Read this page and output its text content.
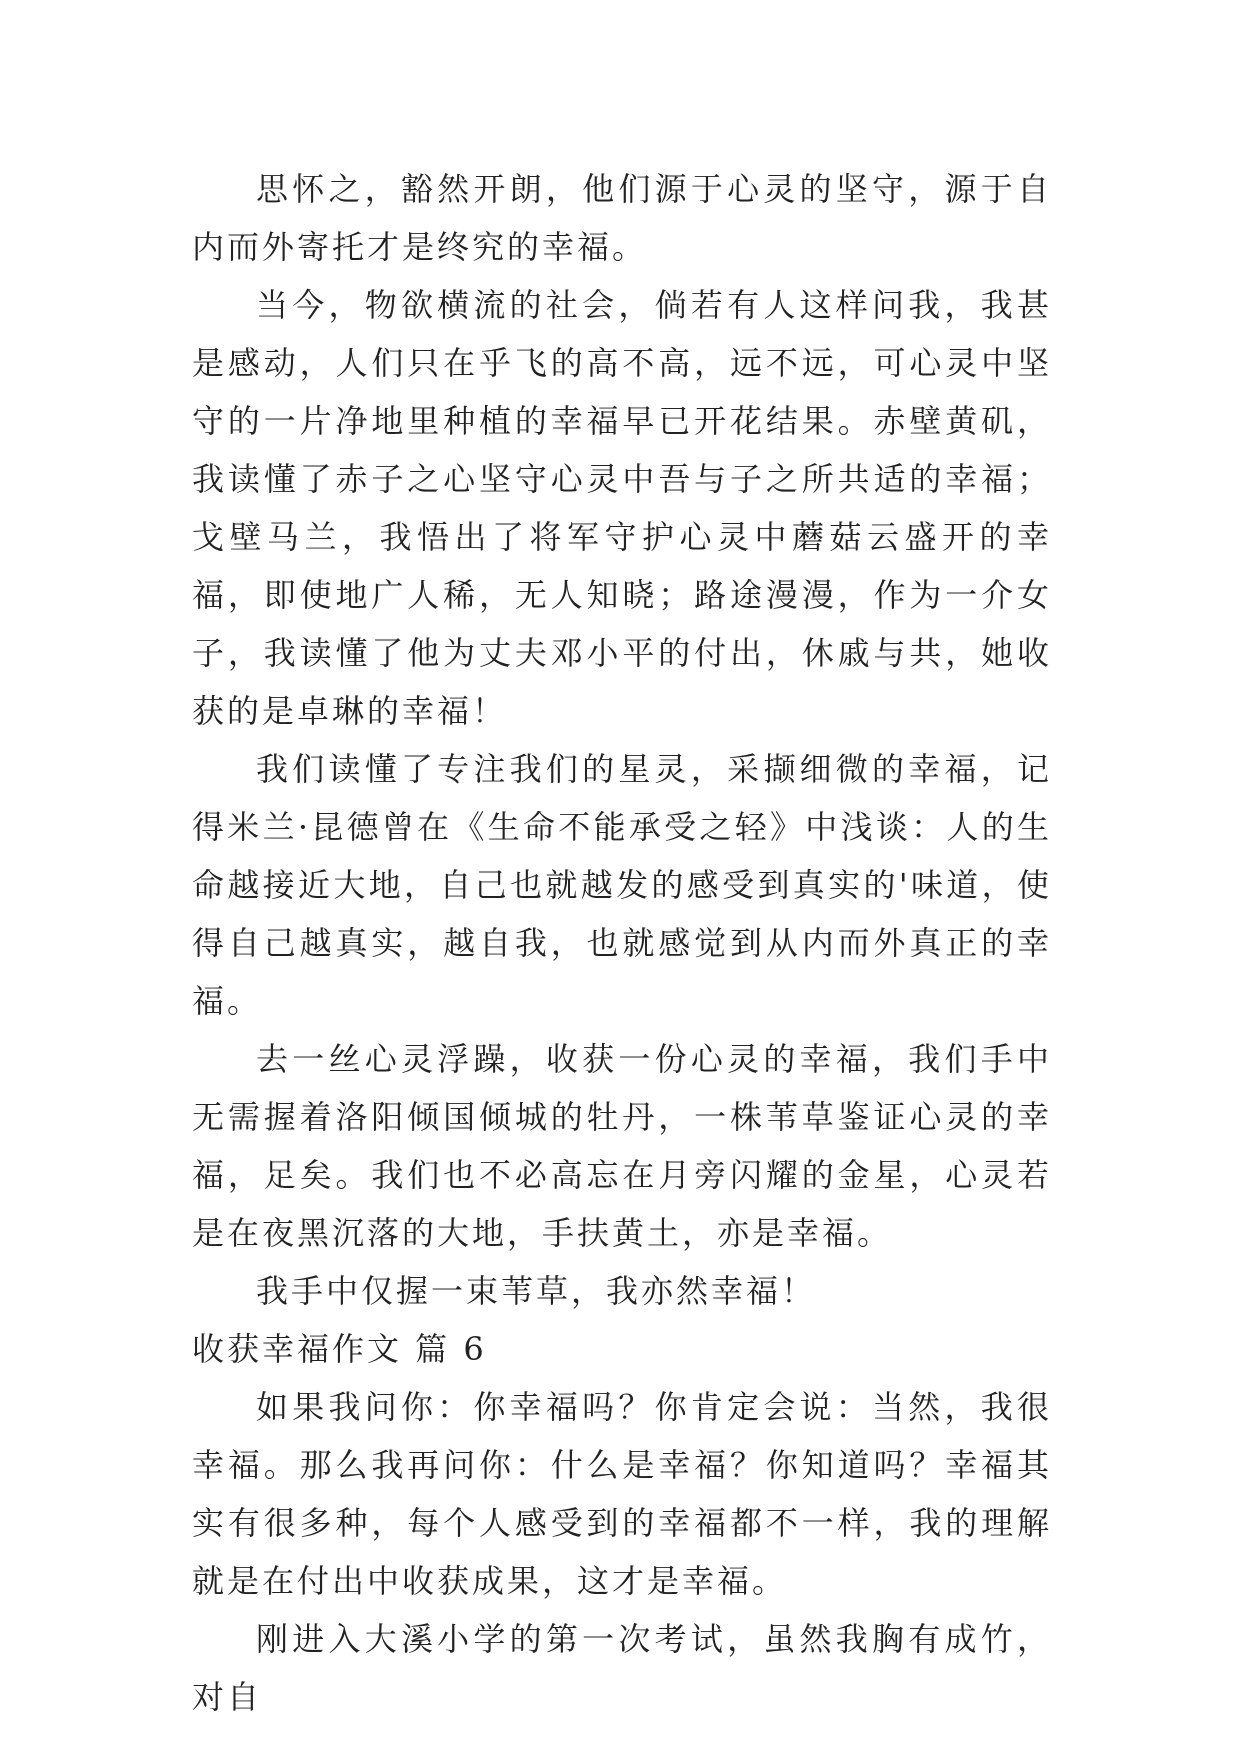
思怀之，豁然开朗，他们源于心灵的坚守，源于自内而外寄托才是终究的幸福。

当今，物欲横流的社会，倘若有人这样问我，我甚是感动，人们只在乎飞的高不高，远不远，可心灵中坚守的一片净地里种植的幸福早已开花结果。赤壁黄矶，我读懂了赤子之心坚守心灵中吾与子之所共适的幸福；戈壁马兰，我悟出了将军守护心灵中蘑菇云盛开的幸福，即使地广人稀，无人知晓；路途漫漫，作为一介女子，我读懂了他为丈夫邓小平的付出，休戚与共，她收获的是卓琳的幸福！

我们读懂了专注我们的星灵，采撷细微的幸福，记得米兰·昆德曾在《生命不能承受之轻》中浅谈：人的生命越接近大地，自己也就越发的感受到真实的'味道，使得自己越真实，越自我，也就感觉到从内而外真正的幸福。

去一丝心灵浮躁，收获一份心灵的幸福，我们手中无需握着洛阳倾国倾城的牡丹，一株苇草鉴证心灵的幸福，足矣。我们也不必高忘在月旁闪耀的金星，心灵若是在夜黑沉落的大地，手扶黄土，亦是幸福。

我手中仅握一束苇草，我亦然幸福！

收获幸福作文 篇 6

如果我问你：你幸福吗？你肯定会说：当然，我很幸福。那么我再问你：什么是幸福？你知道吗？幸福其实有很多种，每个人感受到的幸福都不一样，我的理解就是在付出中收获成果，这才是幸福。

刚进入大溪小学的第一次考试，虽然我胸有成竹，对自
